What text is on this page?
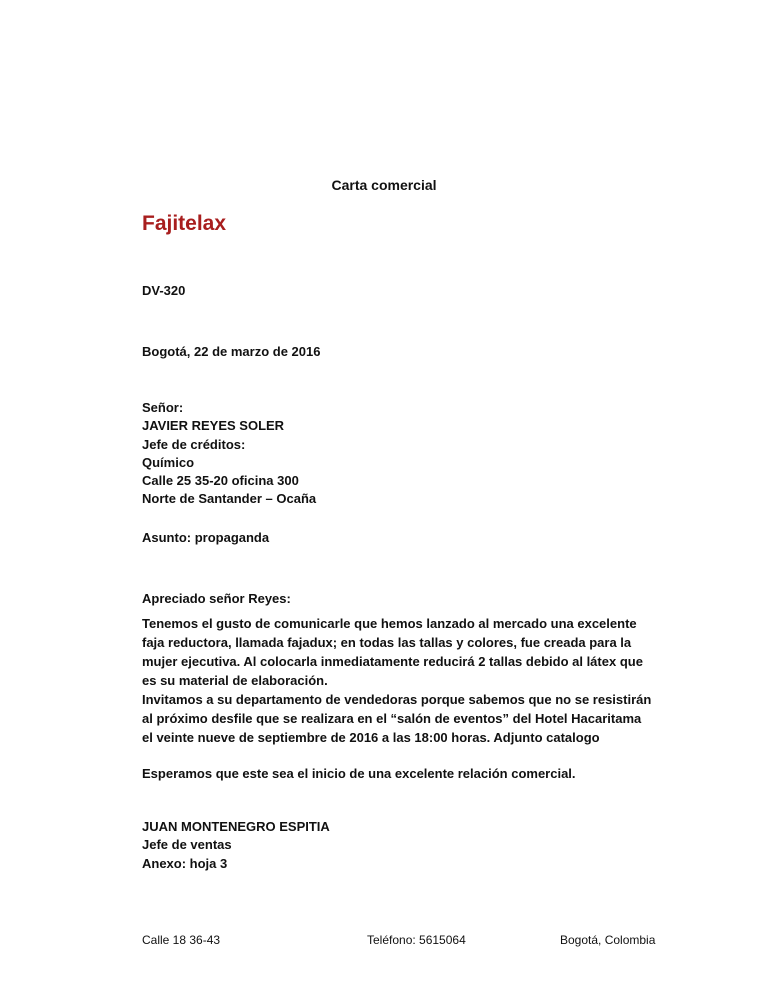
Carta comercial
Fajitelax
DV-320
Bogotá, 22 de marzo de 2016
Señor:
JAVIER REYES SOLER
Jefe de créditos:
Químico
Calle 25 35-20 oficina 300
Norte de Santander – Ocaña
Asunto: propaganda
Apreciado señor Reyes:
Tenemos el gusto de comunicarle que hemos lanzado al mercado una excelente
faja reductora, llamada fajadux; en todas las tallas y colores, fue creada para la
mujer ejecutiva. Al colocarla inmediatamente reducirá 2 tallas debido al látex que
es su material de elaboración.
Invitamos a su departamento de vendedoras porque sabemos que no se resistirán
al próximo desfile que se realizara en el “salón de eventos” del Hotel Hacaritama
el veinte nueve de septiembre de 2016 a las 18:00 horas. Adjunto catalogo
Esperamos que este sea el inicio de una excelente relación comercial.
JUAN MONTENEGRO ESPITIA
Jefe de ventas
Anexo: hoja 3
Calle 18 36-43	Teléfono: 5615064	Bogotá, Colombia
